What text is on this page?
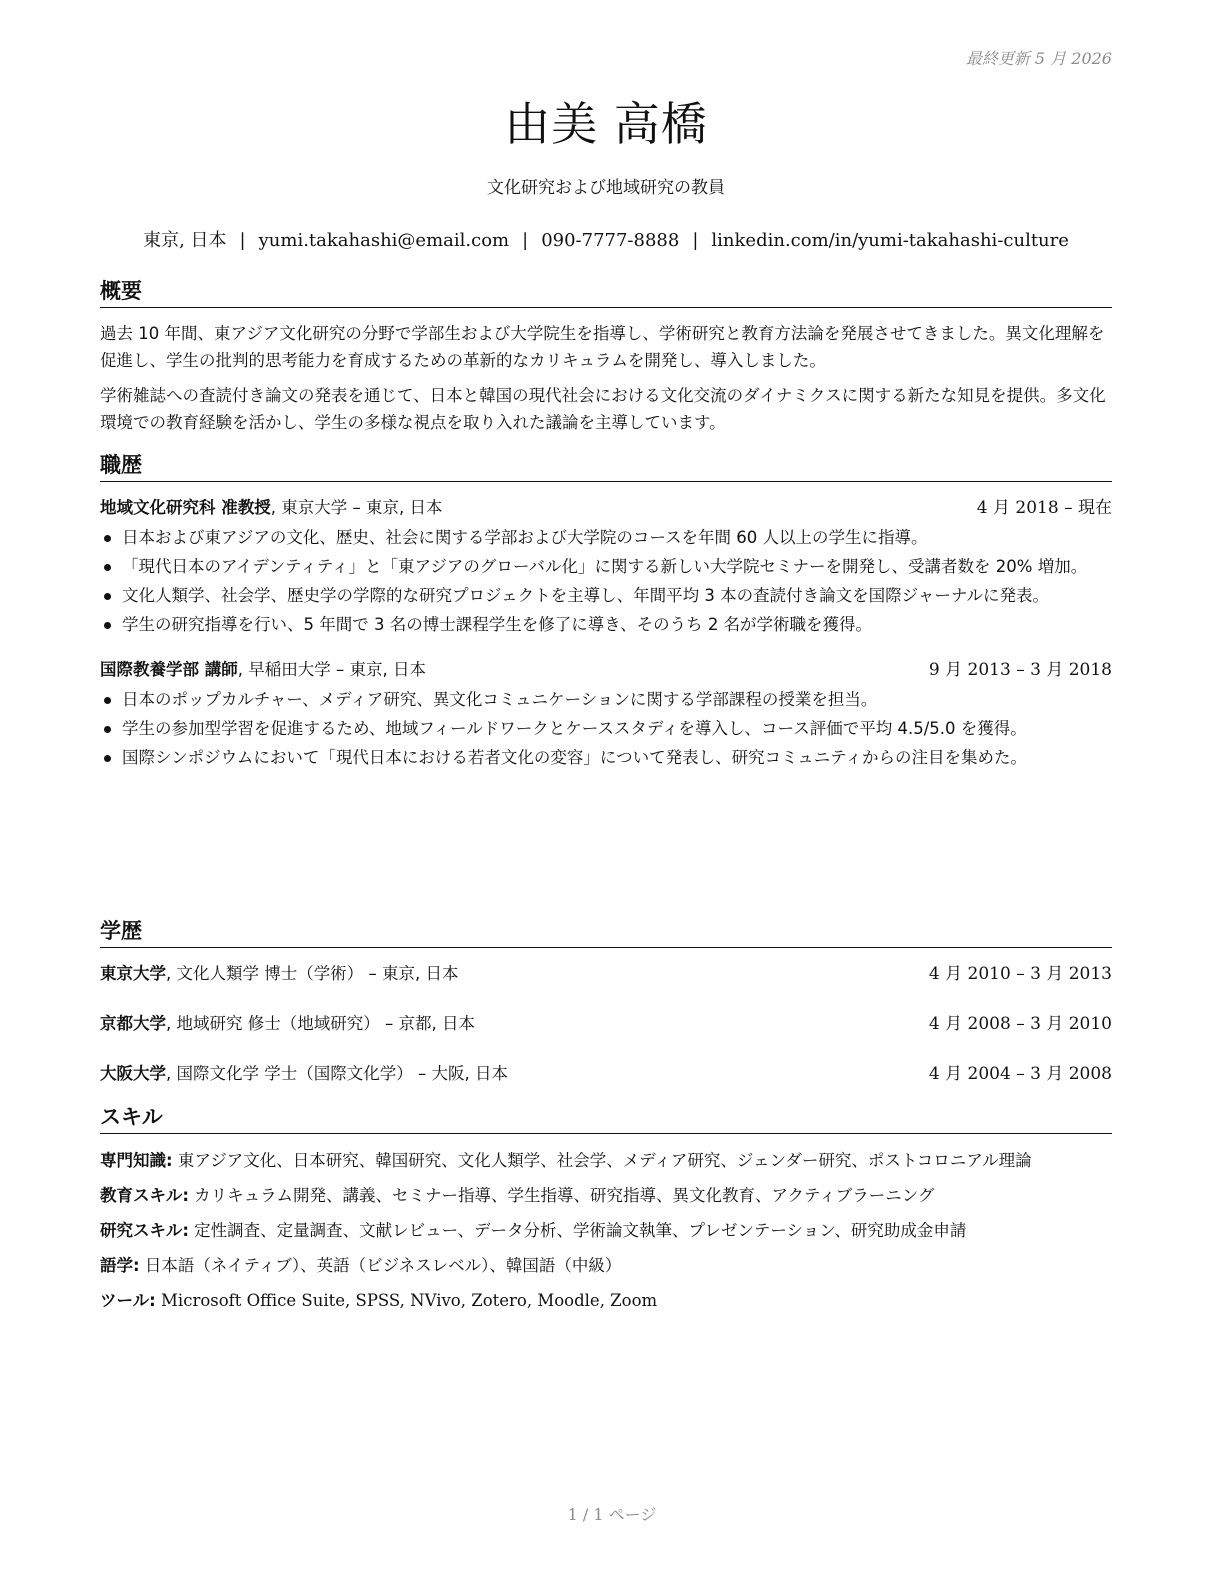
最終更新 5 月 2026
由美 高橋
文化研究および地域研究の教員
東京, 日本 | yumi.takahashi@email.com | 090-7777-8888 | linkedin.com/in/yumi-takahashi-culture
概要

過去 10 年間、東アジア文化研究の分野で学部生および大学院生を指導し、学術研究と教育方法論を発展させてきました。異文化理解を促進し、学生の批判的思考能力を育成するための革新的なカリキュラムを開発し、導入しました。

学術雑誌への査読付き論文の発表を通じて、日本と韓国の現代社会における文化交流のダイナミクスに関する新たな知見を提供。多文化環境での教育経験を活かし、学生の多様な視点を取り入れた議論を主導しています。

職歴
地域文化研究科 准教授, 東京大学 – 東京, 日本	4 月 2018 – 現在
日本および東アジアの文化、歴史、社会に関する学部および大学院のコースを年間 60 人以上の学生に指導。
「現代日本のアイデンティティ」と「東アジアのグローバル化」に関する新しい大学院セミナーを開発し、受講者数を 20% 増加。
文化人類学、社会学、歴史学の学際的な研究プロジェクトを主導し、年間平均 3 本の査読付き論文を国際ジャーナルに発表。
学生の研究指導を行い、5 年間で 3 名の博士課程学生を修了に導き、そのうち 2 名が学術職を獲得。
国際教養学部 講師, 早稲田大学 – 東京, 日本	9 月 2013 – 3 月 2018
日本のポップカルチャー、メディア研究、異文化コミュニケーションに関する学部課程の授業を担当。
学生の参加型学習を促進するため、地域フィールドワークとケーススタディを導入し、コース評価で平均 4.5/5.0 を獲得。
国際シンポジウムにおいて「現代日本における若者文化の変容」について発表し、研究コミュニティからの注目を集めた。
学歴
東京大学, 文化人類学 博士（学術） – 東京, 日本	4 月 2010 – 3 月 2013
京都大学, 地域研究 修士（地域研究） – 京都, 日本	4 月 2008 – 3 月 2010
大阪大学, 国際文化学 学士（国際文化学） – 大阪, 日本	4 月 2004 – 3 月 2008
スキル
専門知識: 東アジア文化、日本研究、韓国研究、文化人類学、社会学、メディア研究、ジェンダー研究、ポストコロニアル理論
教育スキル: カリキュラム開発、講義、セミナー指導、学生指導、研究指導、異文化教育、アクティブラーニング
研究スキル: 定性調査、定量調査、文献レビュー、データ分析、学術論文執筆、プレゼンテーション、研究助成金申請
語学: 日本語（ネイティブ）、英語（ビジネスレベル）、韓国語（中級）
ツール: Microsoft Office Suite, SPSS, NVivo, Zotero, Moodle, Zoom
1 / 1 ページ
